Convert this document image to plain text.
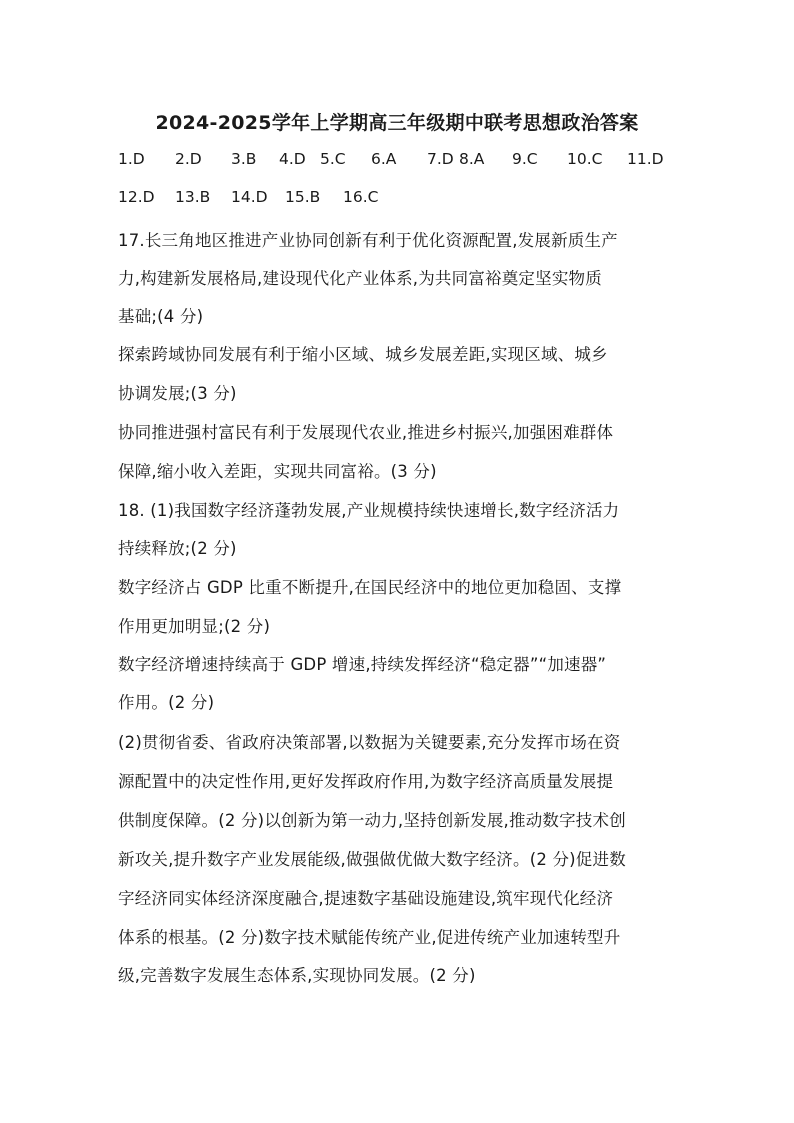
2024-2025学年上学期高三年级期中联考思想政治答案
1.D 2.D 3.B 4.D 5.C 6.A 7.D 8.A 9.C 10.C 11.D
12.D 13.B 14.D 15.B 16.C
17.长三角地区推进产业协同创新有利于优化资源配置,发展新质生产
力,构建新发展格局,建设现代化产业体系,为共同富裕奠定坚实物质
基础;(4 分)
探索跨域协同发展有利于缩小区域、城乡发展差距,实现区域、城乡
协调发展;(3 分)
协同推进强村富民有利于发展现代农业,推进乡村振兴,加强困难群体
保障,缩小收入差距，实现共同富裕。(3 分)
18. (1)我国数字经济蓬勃发展,产业规模持续快速增长,数字经济活力
持续释放;(2 分)
数字经济占 GDP 比重不断提升,在国民经济中的地位更加稳固、支撑
作用更加明显;(2 分)
数字经济增速持续高于 GDP 增速,持续发挥经济“稳定器”“加速器”
作用。(2 分)
(2)贯彻省委、省政府决策部署,以数据为关键要素,充分发挥市场在资
源配置中的决定性作用,更好发挥政府作用,为数字经济高质量发展提
供制度保障。(2 分)以创新为第一动力,坚持创新发展,推动数字技术创
新攻关,提升数字产业发展能级,做强做优做大数字经济。(2 分)促进数
字经济同实体经济深度融合,提速数字基础设施建设,筑牢现代化经济
体系的根基。(2 分)数字技术赋能传统产业,促进传统产业加速转型升
级,完善数字发展生态体系,实现协同发展。(2 分)
